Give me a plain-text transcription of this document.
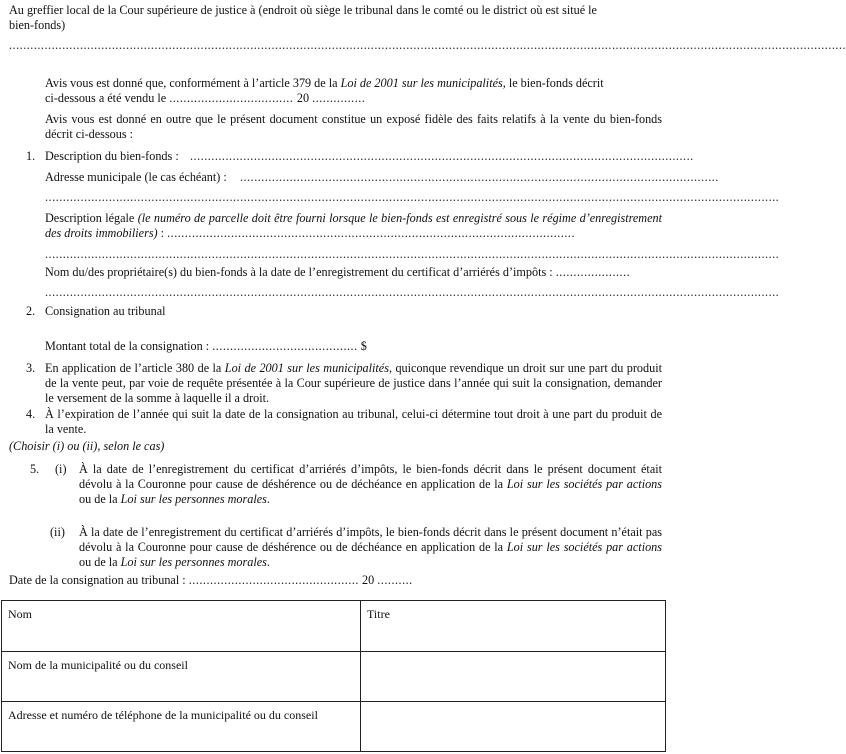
Au greffier local de la Cour supérieure de justice à (endroit où siège le tribunal dans le comté ou le district où est situé le
bien-fonds)
............................................................................................................................................................................................................................................
Avis vous est donné que, conformément à l’article 379 de la Loi de 2001 sur les municipalités, le bien-fonds décrit
ci-dessous a été vendu le ................................... 20 ...............
Avis vous est donné en outre que le présent document constitue un exposé fidèle des faits relatifs à la vente du bien-fonds décrit ci-dessous :
1. Description du bien-fonds : ..............................................................................................................................................
Adresse municipale (le cas échéant) :	.......................................................................................................................................
...............................................................................................................................................................................................................
Description légale (le numéro de parcelle doit être fourni lorsque le bien-fonds est enregistré sous le régime d’enregistrement des droits immobiliers) : ...................................................................................................................
...............................................................................................................................................................................................................
Nom du/des propriétaire(s) du bien-fonds à la date de l’enregistrement du certificat d’arriérés d’impôts : .....................
...............................................................................................................................................................................................................
2. Consignation au tribunal
Montant total de la consignation : ......................................... $
3. En application de l’article 380 de la Loi de 2001 sur les municipalités, quiconque revendique un droit sur une part du produit de la vente peut, par voie de requête présentée à la Cour supérieure de justice dans l’année qui suit la consignation, demander le versement de la somme à laquelle il a droit.
4. À l’expiration de l’année qui suit la date de la consignation au tribunal, celui-ci détermine tout droit à une part du produit de la vente.
(Choisir (i) ou (ii), selon le cas)
5. (i) À la date de l’enregistrement du certificat d’arriérés d’impôts, le bien-fonds décrit dans le présent document était dévolu à la Couronne pour cause de déshérence ou de déchéance en application de la Loi sur les sociétés par actions ou de la Loi sur les personnes morales.
(ii) À la date de l’enregistrement du certificat d’arriérés d’impôts, le bien-fonds décrit dans le présent document n’était pas dévolu à la Couronne pour cause de déshérence ou de déchéance en application de la Loi sur les sociétés par actions ou de la Loi sur les personnes morales.
Date de la consignation au tribunal : ................................................ 20 ..........
Nom	Titre
Nom de la municipalité ou du conseil	
Adresse et numéro de téléphone de la municipalité ou du conseil	
